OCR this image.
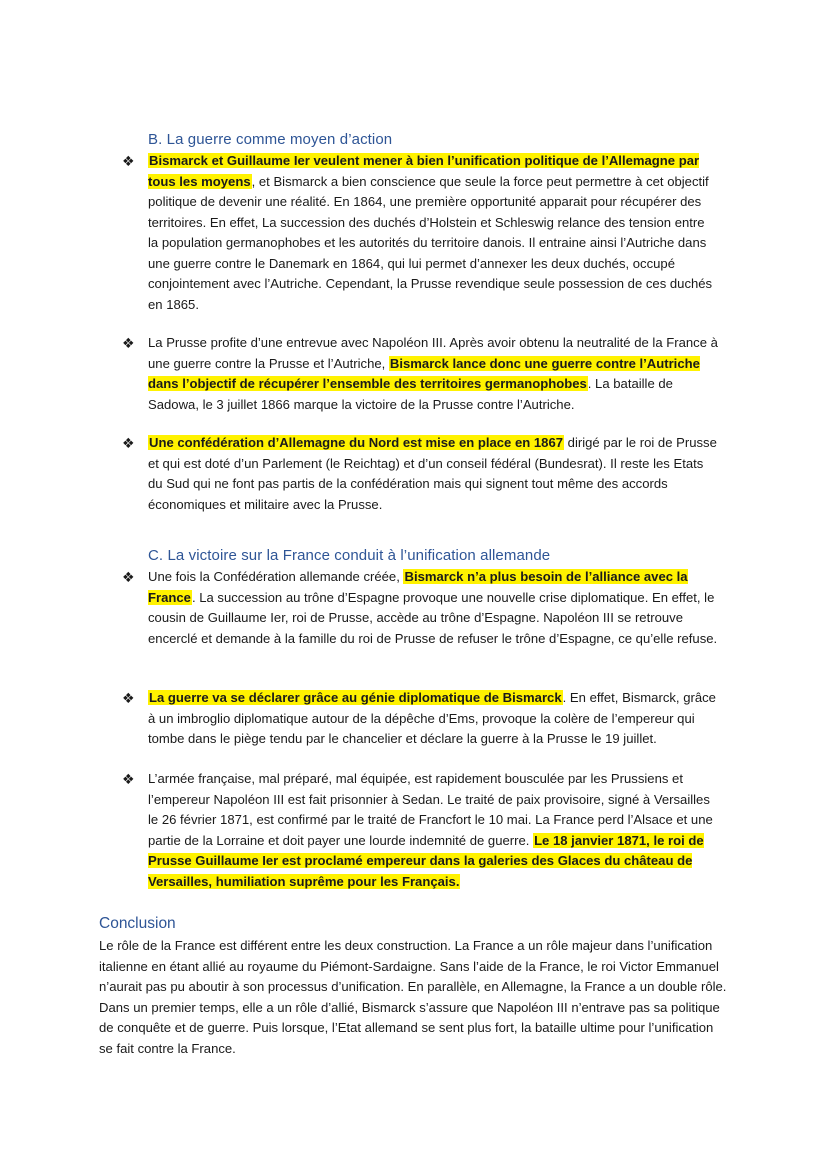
B. La guerre comme moyen d’action
❖ Bismarck et Guillaume Ier veulent mener à bien l’unification politique de l’Allemagne par tous les moyens, et Bismarck a bien conscience que seule la force peut permettre à cet objectif politique de devenir une réalité. En 1864, une première opportunité apparait pour récupérer des territoires. En effet, La succession des duchés d’Holstein et Schleswig relance des tension entre la population germanophobes et les autorités du territoire danois. Il entraine ainsi l’Autriche dans une guerre contre le Danemark en 1864, qui lui permet d’annexer les deux duchés, occupé conjointement avec l’Autriche. Cependant, la Prusse revendique seule possession de ces duchés en 1865.
❖ La Prusse profite d’une entrevue avec Napoléon III. Après avoir obtenu la neutralité de la France à une guerre contre la Prusse et l’Autriche, Bismarck lance donc une guerre contre l’Autriche dans l’objectif de récupérer l’ensemble des territoires germanophobes. La bataille de Sadowa, le 3 juillet 1866 marque la victoire de la Prusse contre l’Autriche.
❖ Une confédération d’Allemagne du Nord est mise en place en 1867 dirigé par le roi de Prusse et qui est doté d’un Parlement (le Reichtag) et d’un conseil fédéral (Bundesrat). Il reste les Etats du Sud qui ne font pas partis de la confédération mais qui signent tout même des accords économiques et militaire avec la Prusse.
C. La victoire sur la France conduit à l’unification allemande
❖ Une fois la Confédération allemande créée, Bismarck n’a plus besoin de l’alliance avec la France. La succession au trône d’Espagne provoque une nouvelle crise diplomatique. En effet, le cousin de Guillaume Ier, roi de Prusse, accède au trône d’Espagne. Napoléon III se retrouve encerclé et demande à la famille du roi de Prusse de refuser le trône d’Espagne, ce qu’elle refuse.
❖ La guerre va se déclarer grâce au génie diplomatique de Bismarck. En effet, Bismarck, grâce à un imbroglio diplomatique autour de la dépêche d’Ems, provoque la colère de l’empereur qui tombe dans le piège tendu par le chancelier et déclare la guerre à la Prusse le 19 juillet.
❖ L’armée française, mal préparé, mal équipée, est rapidement bousculée par les Prussiens et l’empereur Napoléon III est fait prisonnier à Sedan. Le traité de paix provisoire, signé à Versailles le 26 février 1871, est confirmé par le traité de Francfort le 10 mai. La France perd l’Alsace et une partie de la Lorraine et doit payer une lourde indemnité de guerre. Le 18 janvier 1871, le roi de Prusse Guillaume Ier est proclamé empereur dans la galeries des Glaces du château de Versailles, humiliation suprême pour les Français.
Conclusion
Le rôle de la France est différent entre les deux construction. La France a un rôle majeur dans l’unification italienne en étant allié au royaume du Piémont-Sardaigne. Sans l’aide de la France, le roi Victor Emmanuel n’aurait pas pu aboutir à son processus d’unification. En parallèle, en Allemagne, la France a un double rôle. Dans un premier temps, elle a un rôle d’allié, Bismarck s’assure que Napoléon III n’entrave pas sa politique de conquête et de guerre. Puis lorsque, l’Etat allemand se sent plus fort, la bataille ultime pour l’unification se fait contre la France.
